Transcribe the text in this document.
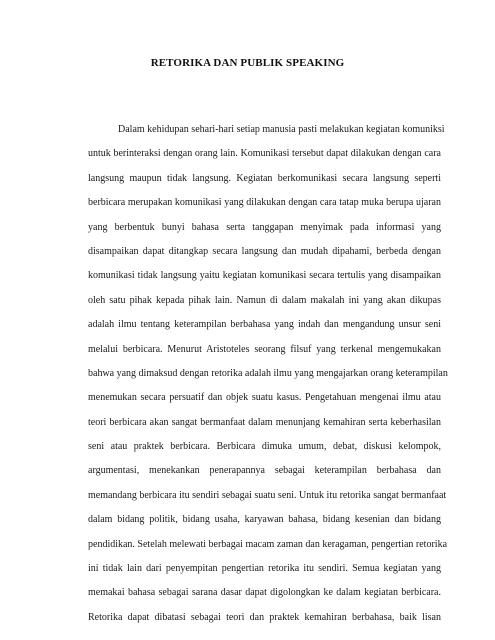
RETORIKA DAN PUBLIK SPEAKING
Dalam kehidupan sehari-hari setiap manusia pasti melakukan kegiatan komuniksi
untuk berinteraksi dengan orang lain. Komunikasi tersebut dapat dilakukan dengan cara
langsung maupun tidak langsung. Kegiatan berkomunikasi secara langsung seperti
berbicara merupakan komunikasi yang dilakukan dengan cara tatap muka berupa ujaran
yang berbentuk bunyi bahasa serta tanggapan menyimak pada informasi yang
disampaikan dapat ditangkap secara langsung dan mudah dipahami, berbeda dengan
komunikasi tidak langsung yaitu kegiatan komunikasi secara tertulis yang disampaikan
oleh satu pihak kepada pihak lain. Namun di dalam makalah ini yang akan dikupas
adalah ilmu tentang keterampilan berbahasa yang indah dan mengandung unsur seni
melalui berbicara. Menurut Aristoteles seorang filsuf yang terkenal mengemukakan
bahwa yang dimaksud dengan retorika adalah ilmu yang mengajarkan orang keterampilan
menemukan secara persuatif dan objek suatu kasus. Pengetahuan mengenai ilmu atau
teori berbicara akan sangat bermanfaat dalam menunjang kemahiran serta keberhasilan
seni atau praktek berbicara. Berbicara dimuka umum, debat, diskusi kelompok,
argumentasi, menekankan penerapannya sebagai keterampilan berbahasa dan
memandang berbicara itu sendiri sebagai suatu seni. Untuk itu retorika sangat bermanfaat
dalam bidang politik, bidang usaha, karyawan bahasa, bidang kesenian dan bidang
pendidikan. Setelah melewati berbagai macam zaman dan keragaman, pengertian retorika
ini tidak lain dari penyempitan pengertian retorika itu sendiri. Semua kegiatan yang
memakai bahasa sebagai sarana dasar dapat digolongkan ke dalam kegiatan berbicara.
Retorika dapat dibatasi sebagai teori dan praktek kemahiran berbahasa, baik lisan
